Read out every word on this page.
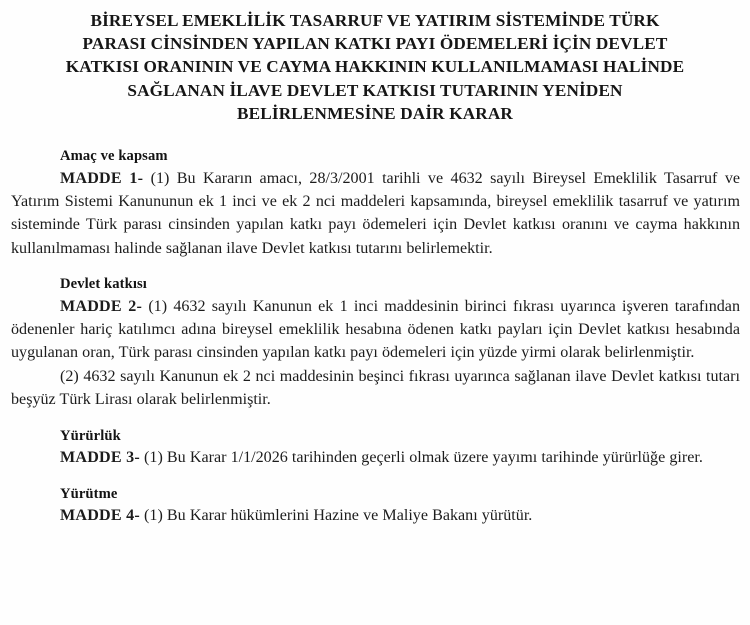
BİREYSEL EMEKLİLİK TASARRUF VE YATIRIM SİSTEMİNDE TÜRK
PARASI CİNSİNDEN YAPILAN KATKI PAYI ÖDEMELERİ İÇİN DEVLET
KATKISI ORANININ VE CAYMA HAKKININ KULLANILMAMASI HALİNDE
SAĞLANAN İLAVE DEVLET KATKISI TUTARININ YENİDEN
BELİRLENMESİNE DAİR KARAR
Amaç ve kapsam

MADDE 1- (1) Bu Kararın amacı, 28/3/2001 tarihli ve 4632 sayılı Bireysel Emeklilik Tasarruf ve Yatırım Sistemi Kanununun ek 1 inci ve ek 2 nci maddeleri kapsamında, bireysel emeklilik tasarruf ve yatırım sisteminde Türk parası cinsinden yapılan katkı payı ödemeleri için Devlet katkısı oranını ve cayma hakkının kullanılmaması halinde sağlanan ilave Devlet katkısı tutarını belirlemektir.

Devlet katkısı

MADDE 2- (1) 4632 sayılı Kanunun ek 1 inci maddesinin birinci fıkrası uyarınca işveren tarafından ödenenler hariç katılımcı adına bireysel emeklilik hesabına ödenen katkı payları için Devlet katkısı hesabında uygulanan oran, Türk parası cinsinden yapılan katkı payı ödemeleri için yüzde yirmi olarak belirlenmiştir.

(2) 4632 sayılı Kanunun ek 2 nci maddesinin beşinci fıkrası uyarınca sağlanan ilave Devlet katkısı tutarı beşyüz Türk Lirası olarak belirlenmiştir.

Yürürlük

MADDE 3- (1) Bu Karar 1/1/2026 tarihinden geçerli olmak üzere yayımı tarihinde yürürlüğe girer.

Yürütme

MADDE 4- (1) Bu Karar hükümlerini Hazine ve Maliye Bakanı yürütür.
